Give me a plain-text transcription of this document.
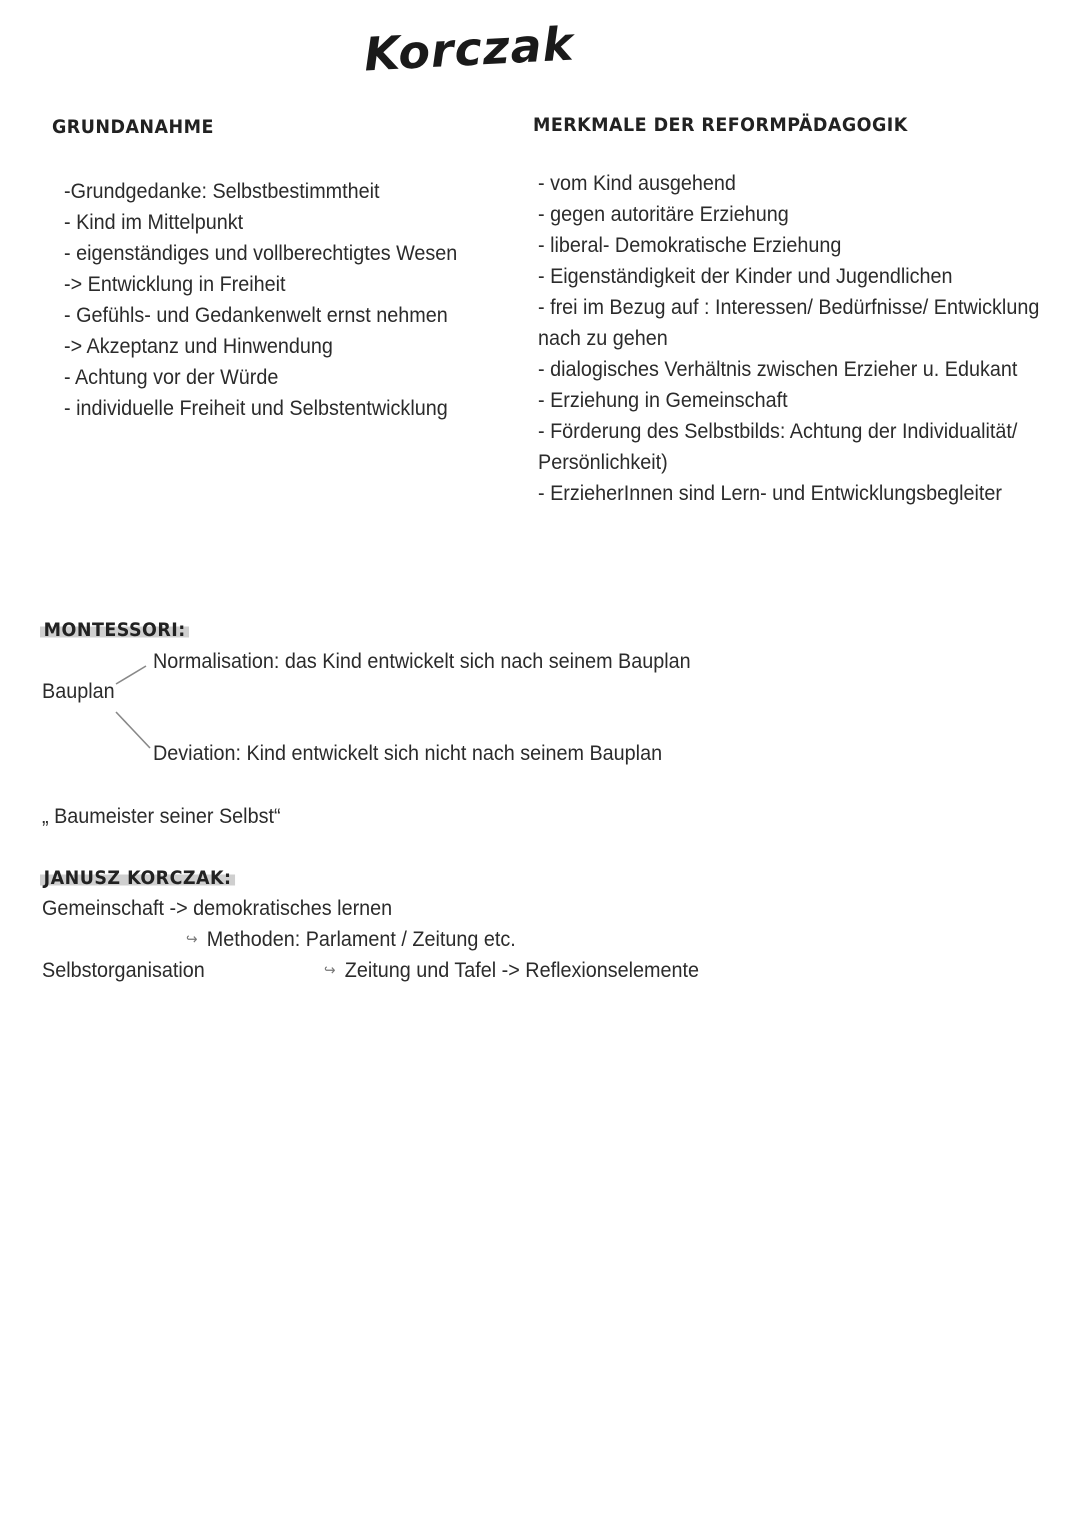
Korczak
GRUNDANAHME
-Grundgedanke: Selbstbestimmtheit
- Kind im Mittelpunkt
- eigenständiges und vollberechtigtes Wesen
-> Entwicklung in Freiheit
- Gefühls- und Gedankenwelt ernst nehmen
-> Akzeptanz und Hinwendung
- Achtung vor der Würde
- individuelle Freiheit und Selbstentwicklung
MERKMALE DER REFORMPÄDAGOGIK
- vom Kind ausgehend
- gegen autoritäre Erziehung
- liberal- Demokratische Erziehung
- Eigenständigkeit der Kinder und Jugendlichen
- frei im Bezug auf : Interessen/ Bedürfnisse/ Entwicklung
nach zu gehen
- dialogisches Verhältnis zwischen Erzieher u. Edukant
- Erziehung in Gemeinschaft
- Förderung des Selbstbilds: Achtung der Individualität/
Persönlichkeit)
- ErzieherInnen sind Lern- und Entwicklungsbegleiter
MONTESSORI:
Normalisation: das Kind entwickelt sich nach seinem Bauplan
Bauplan
Deviation: Kind entwickelt sich nicht nach seinem Bauplan
„ Baumeister seiner Selbst“
JANUSZ KORCZAK:
Gemeinschaft -> demokratisches lernen
↪ Methoden: Parlament / Zeitung etc.
Selbstorganisation	↪ Zeitung und Tafel -> Reflexionselemente
